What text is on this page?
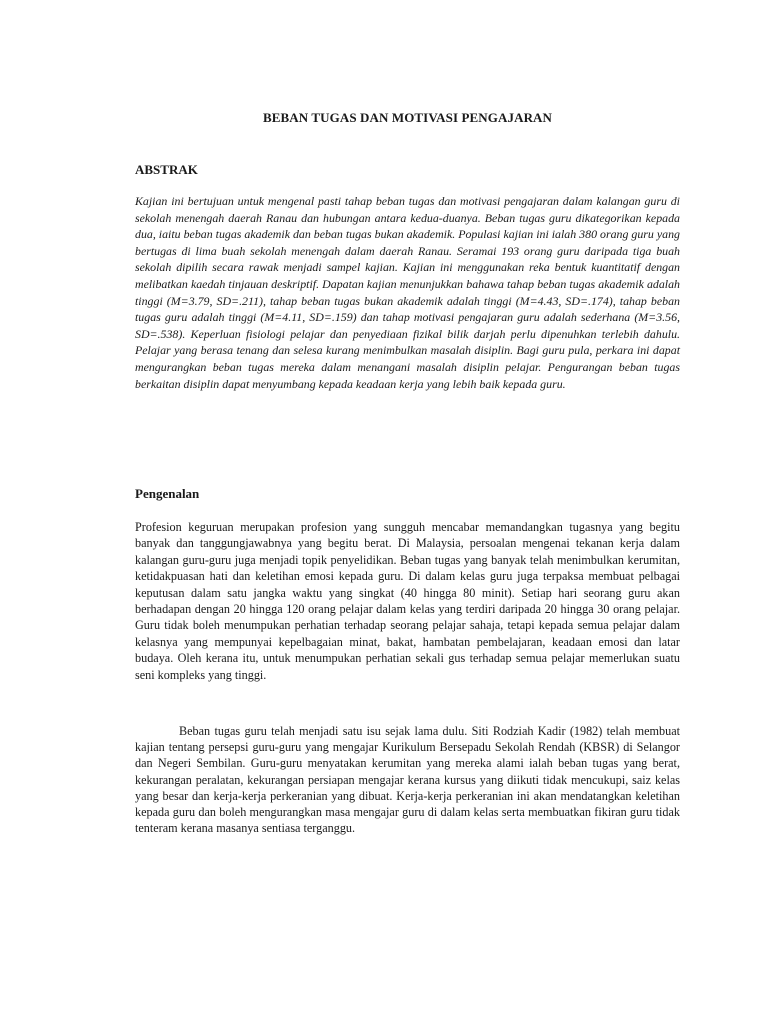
BEBAN TUGAS DAN MOTIVASI PENGAJARAN
ABSTRAK

Kajian ini bertujuan untuk mengenal pasti tahap beban tugas dan motivasi pengajaran dalam kalangan guru di sekolah menengah daerah Ranau dan hubungan antara kedua-duanya. Beban tugas guru dikategorikan kepada dua, iaitu beban tugas akademik dan beban tugas bukan akademik. Populasi kajian ini ialah 380 orang guru yang bertugas di lima buah sekolah menengah dalam daerah Ranau. Seramai 193 orang guru daripada tiga buah sekolah dipilih secara rawak menjadi sampel kajian. Kajian ini menggunakan reka bentuk kuantitatif dengan melibatkan kaedah tinjauan deskriptif. Dapatan kajian menunjukkan bahawa tahap beban tugas akademik adalah tinggi (M=3.79, SD=.211), tahap beban tugas bukan akademik adalah tinggi (M=4.43, SD=.174), tahap beban tugas guru adalah tinggi (M=4.11, SD=.159) dan tahap motivasi pengajaran guru adalah sederhana (M=3.56, SD=.538). Keperluan fisiologi pelajar dan penyediaan fizikal bilik darjah perlu dipenuhkan terlebih dahulu. Pelajar yang berasa tenang dan selesa kurang menimbulkan masalah disiplin. Bagi guru pula, perkara ini dapat mengurangkan beban tugas mereka dalam menangani masalah disiplin pelajar. Pengurangan beban tugas berkaitan disiplin dapat menyumbang kepada keadaan kerja yang lebih baik kepada guru.

Pengenalan

Profesion keguruan merupakan profesion yang sungguh mencabar memandangkan tugasnya yang begitu banyak dan tanggungjawabnya yang begitu berat. Di Malaysia, persoalan mengenai tekanan kerja dalam kalangan guru-guru juga menjadi topik penyelidikan. Beban tugas yang banyak telah menimbulkan kerumitan, ketidakpuasan hati dan keletihan emosi kepada guru. Di dalam kelas guru juga terpaksa membuat pelbagai keputusan dalam satu jangka waktu yang singkat (40 hingga 80 minit). Setiap hari seorang guru akan berhadapan dengan 20 hingga 120 orang pelajar dalam kelas yang terdiri daripada 20 hingga 30 orang pelajar. Guru tidak boleh menumpukan perhatian terhadap seorang pelajar sahaja, tetapi kepada semua pelajar dalam kelasnya yang mempunyai kepelbagaian minat, bakat, hambatan pembelajaran, keadaan emosi dan latar budaya. Oleh kerana itu, untuk menumpukan perhatian sekali gus terhadap semua pelajar memerlukan suatu seni kompleks yang tinggi.

Beban tugas guru telah menjadi satu isu sejak lama dulu. Siti Rodziah Kadir (1982) telah membuat kajian tentang persepsi guru-guru yang mengajar Kurikulum Bersepadu Sekolah Rendah (KBSR) di Selangor dan Negeri Sembilan. Guru-guru menyatakan kerumitan yang mereka alami ialah beban tugas yang berat, kekurangan peralatan, kekurangan persiapan mengajar kerana kursus yang diikuti tidak mencukupi, saiz kelas yang besar dan kerja-kerja perkeranian yang dibuat. Kerja-kerja perkeranian ini akan mendatangkan keletihan kepada guru dan boleh mengurangkan masa mengajar guru di dalam kelas serta membuatkan fikiran guru tidak tenteram kerana masanya sentiasa terganggu.
